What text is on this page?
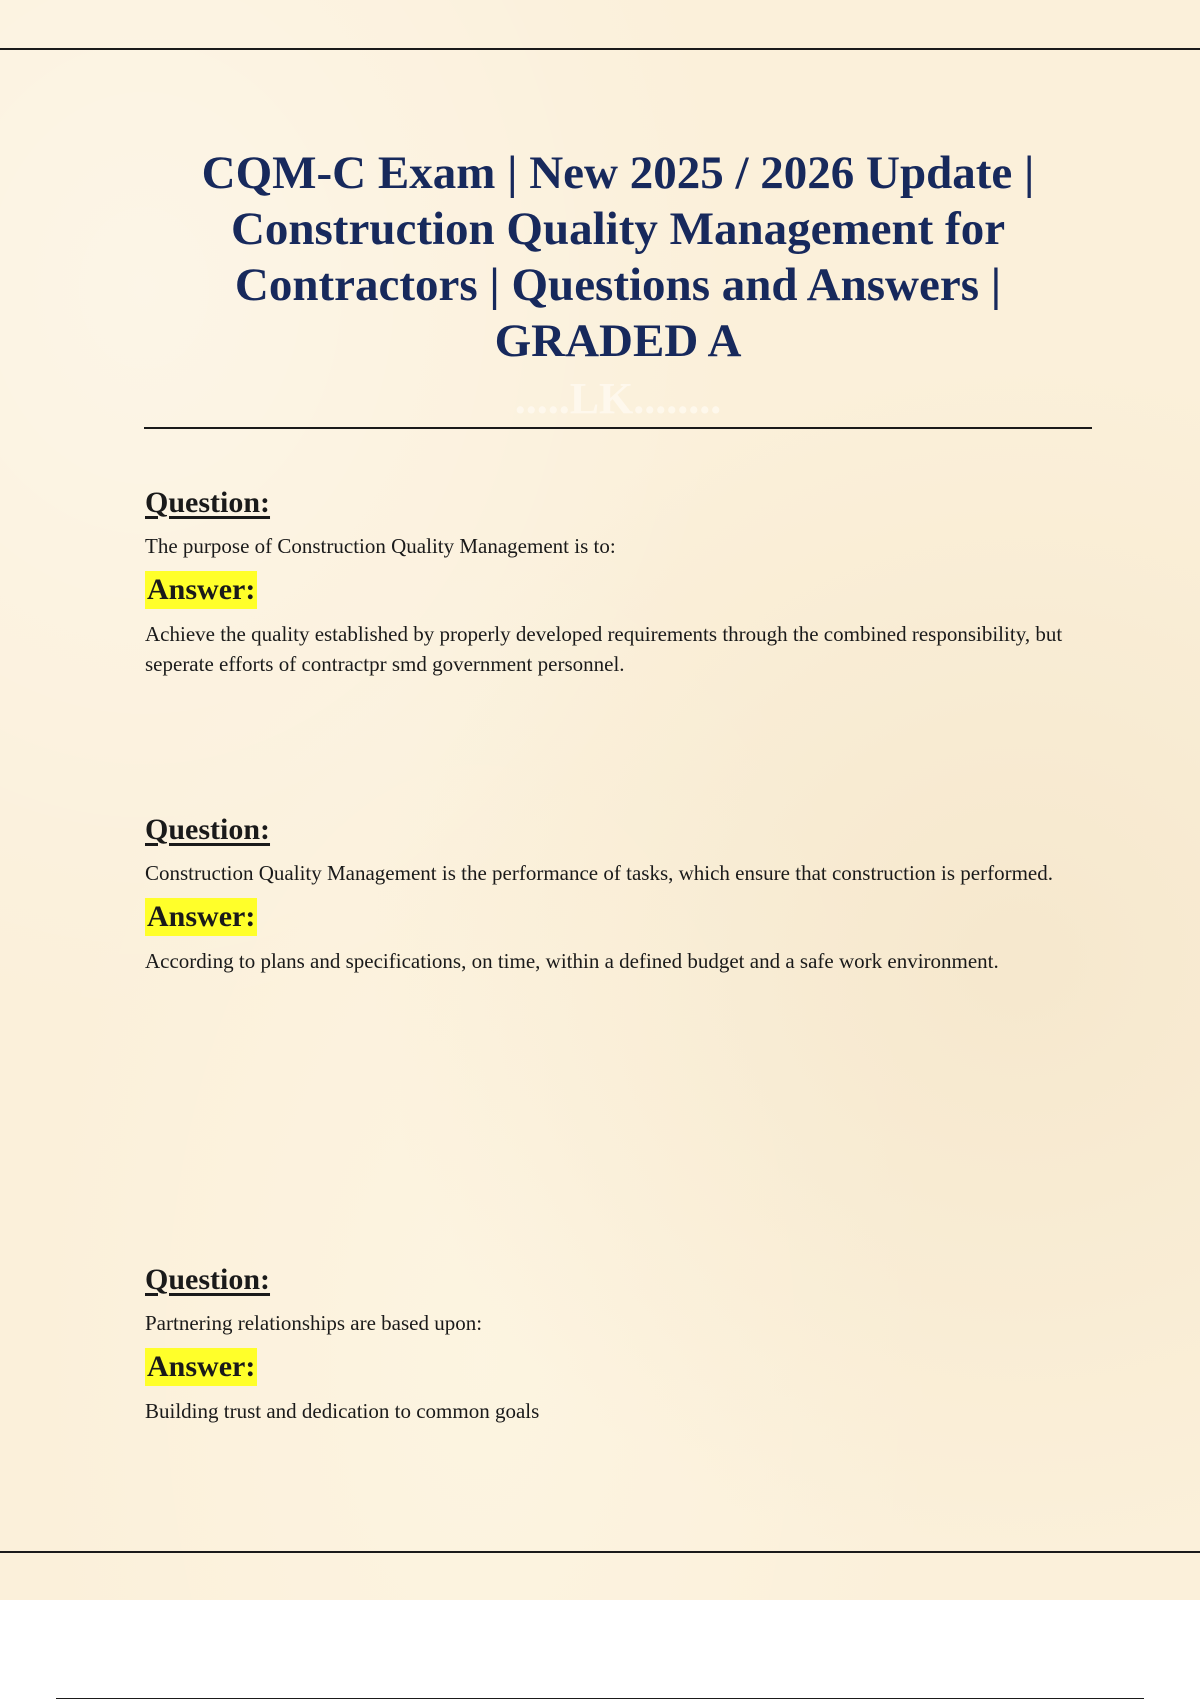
CQM-C Exam | New 2025 / 2026 Update | Construction Quality Management for Contractors | Questions and Answers | GRADED A
.....LK........
Question:

The purpose of Construction Quality Management is to:

Answer:

Achieve the quality established by properly developed requirements through the combined responsibility, but seperate efforts of contractpr smd government personnel.

Question:

Construction Quality Management is the performance of tasks, which ensure that construction is performed.

Answer:

According to plans and specifications, on time, within a defined budget and a safe work environment.

Question:

Partnering relationships are based upon:

Answer:

Building trust and dedication to common goals
